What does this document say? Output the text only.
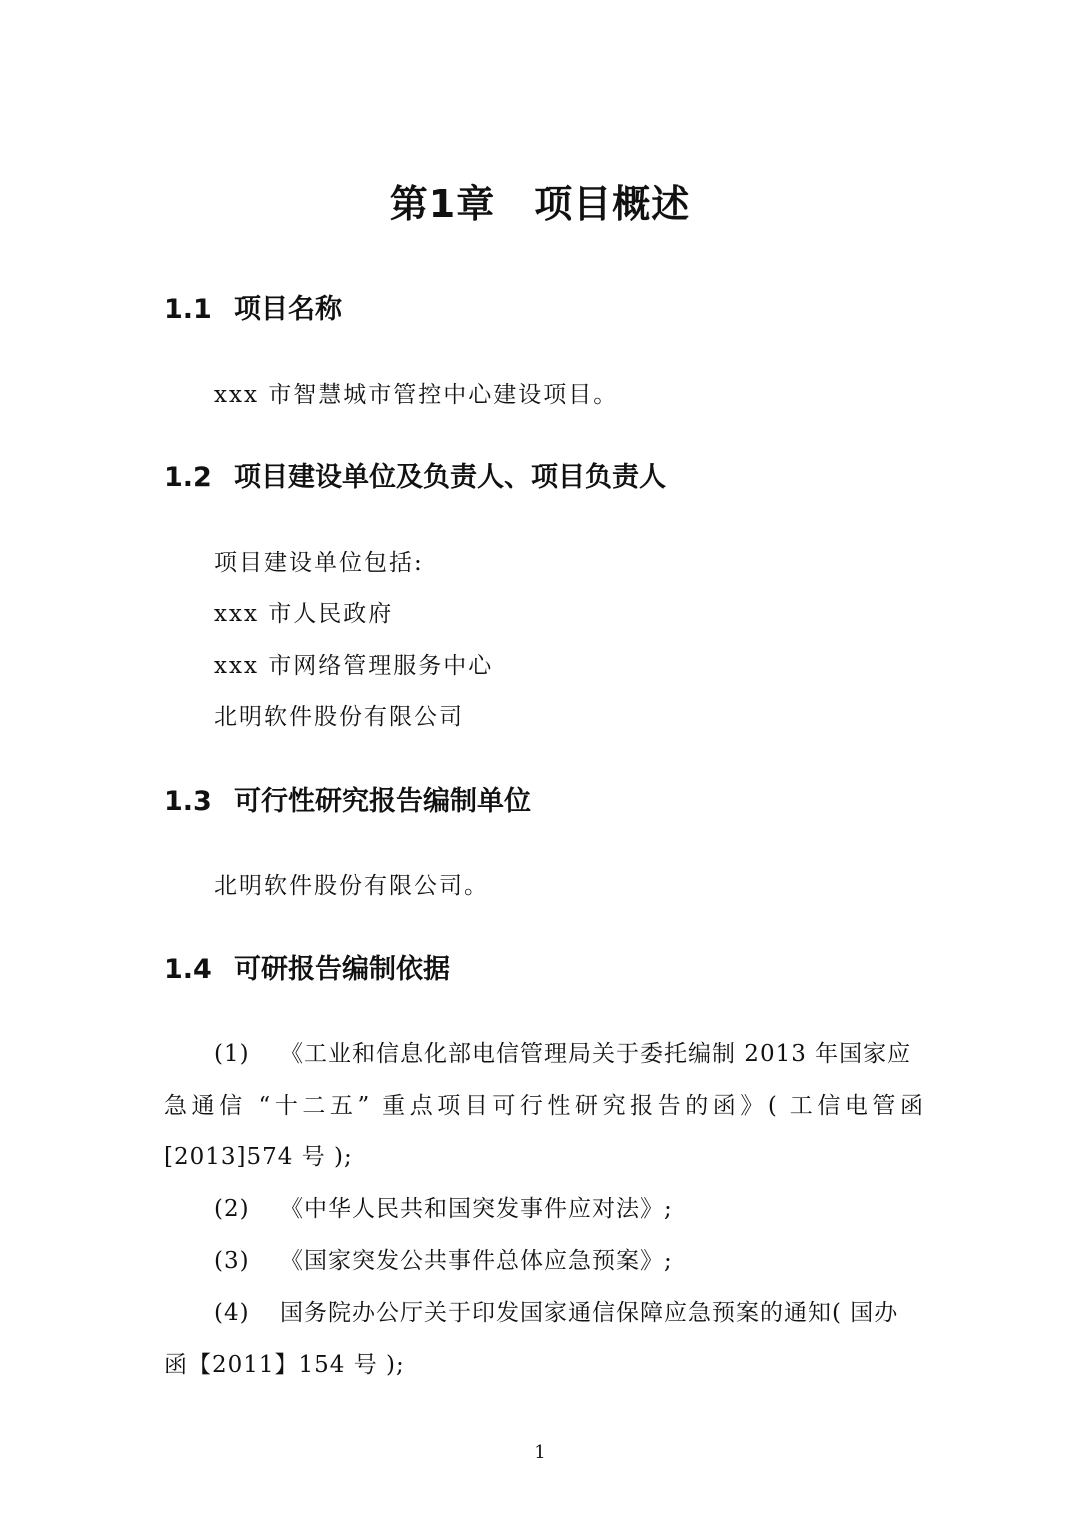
第1章　项目概述
1.1 项目名称
xxx 市智慧城市管控中心建设项目。
1.2 项目建设单位及负责人、项目负责人
项目建设单位包括:
xxx 市人民政府
xxx 市网络管理服务中心
北明软件股份有限公司
1.3 可行性研究报告编制单位
北明软件股份有限公司。
1.4 可研报告编制依据
(1) 《工业和信息化部电信管理局关于委托编制 2013 年国家应
急通信 “十二五” 重点项目可行性研究报告的函》( 工信电管函
[2013]574 号 );
(2) 《中华人民共和国突发事件应对法》;
(3) 《国家突发公共事件总体应急预案》;
(4) 国务院办公厅关于印发国家通信保障应急预案的通知( 国办
函【2011】154 号 );
1
